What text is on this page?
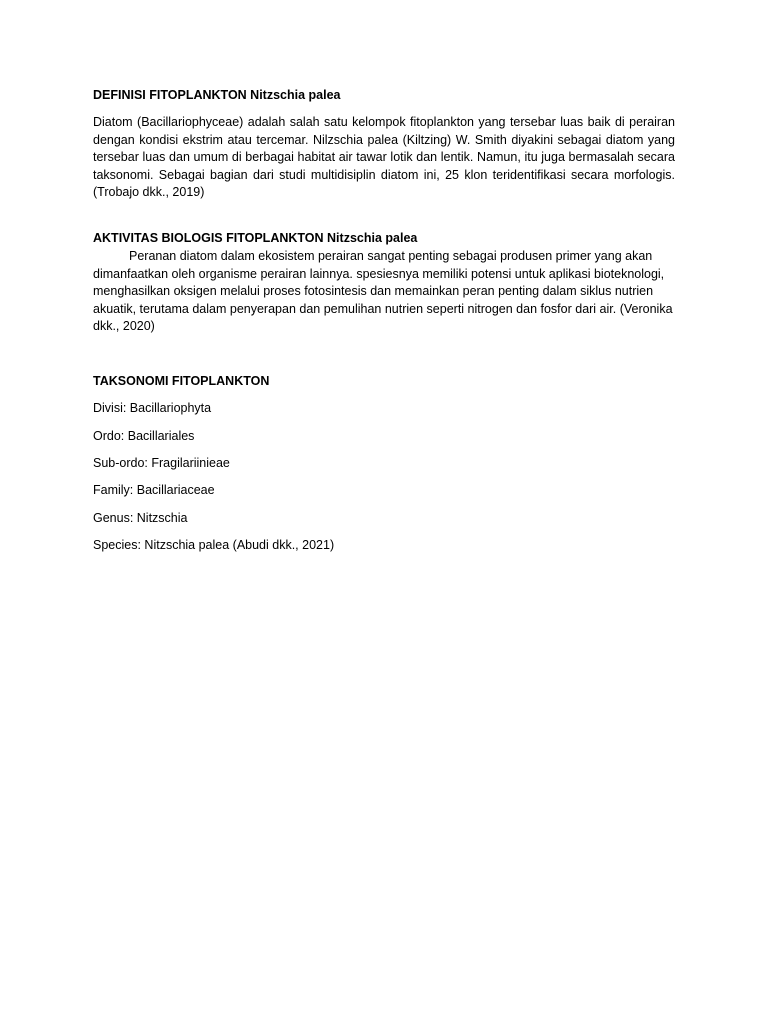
DEFINISI FITOPLANKTON Nitzschia palea
Diatom (Bacillariophyceae) adalah salah satu kelompok fitoplankton yang tersebar luas baik di perairan dengan kondisi ekstrim atau tercemar. Nilzschia palea (Kiltzing) W. Smith diyakini sebagai diatom yang tersebar luas dan umum di berbagai habitat air tawar lotik dan lentik. Namun, itu juga bermasalah secara taksonomi. Sebagai bagian dari studi multidisiplin diatom ini, 25 klon teridentifikasi secara morfologis. (Trobajo dkk., 2019)
AKTIVITAS BIOLOGIS FITOPLANKTON Nitzschia palea
Peranan diatom dalam ekosistem perairan sangat penting sebagai produsen primer yang akan dimanfaatkan oleh organisme perairan lainnya. spesiesnya memiliki potensi untuk aplikasi bioteknologi, menghasilkan oksigen melalui proses fotosintesis dan memainkan peran penting dalam siklus nutrien akuatik, terutama dalam penyerapan dan pemulihan nutrien seperti nitrogen dan fosfor dari air. (Veronika dkk., 2020)
TAKSONOMI FITOPLANKTON
Divisi: Bacillariophyta
Ordo: Bacillariales
Sub-ordo: Fragilariinieae
Family: Bacillariaceae
Genus: Nitzschia
Species: Nitzschia palea (Abudi dkk., 2021)
